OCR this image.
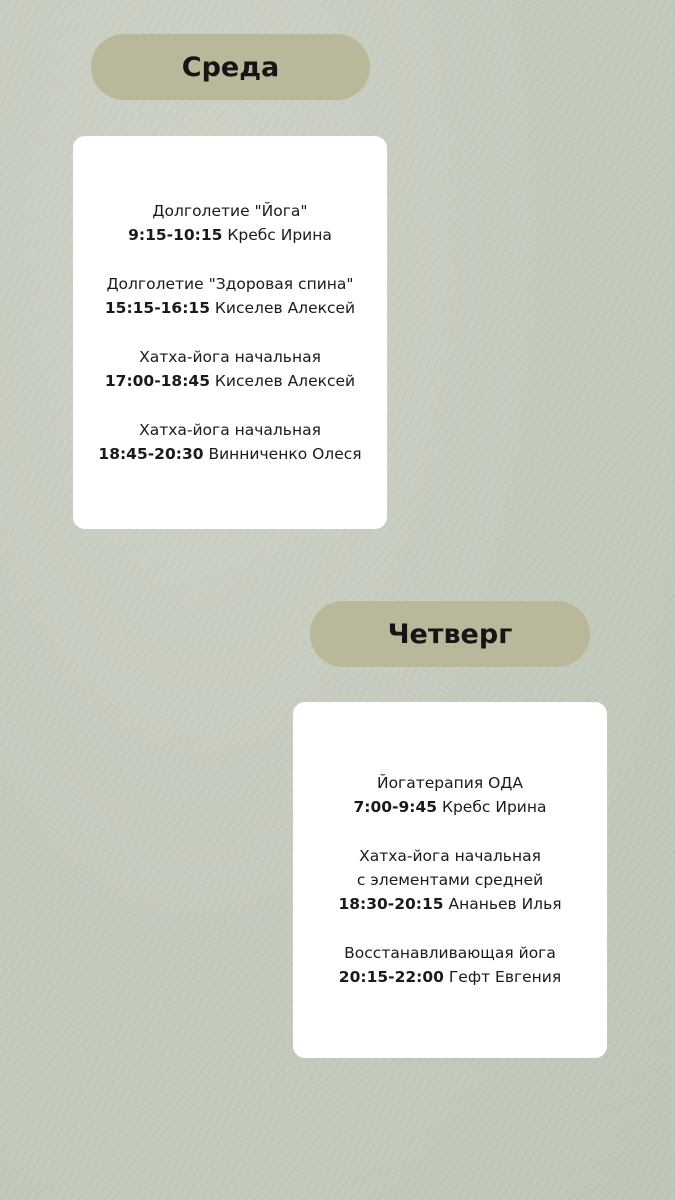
Среда
Долголетие "Йога"
9:15-10:15 Кребс Ирина
Долголетие "Здоровая спина"
15:15-16:15 Киселев Алексей
Хатха-йога начальная
17:00-18:45 Киселев Алексей
Хатха-йога начальная
18:45-20:30 Винниченко Олеся
Четверг
Йогатерапия ОДА
7:00-9:45 Кребс Ирина
Хатха-йога начальная
с элементами средней
18:30-20:15 Ананьев Илья
Восстанавливающая йога
20:15-22:00 Гефт Евгения
